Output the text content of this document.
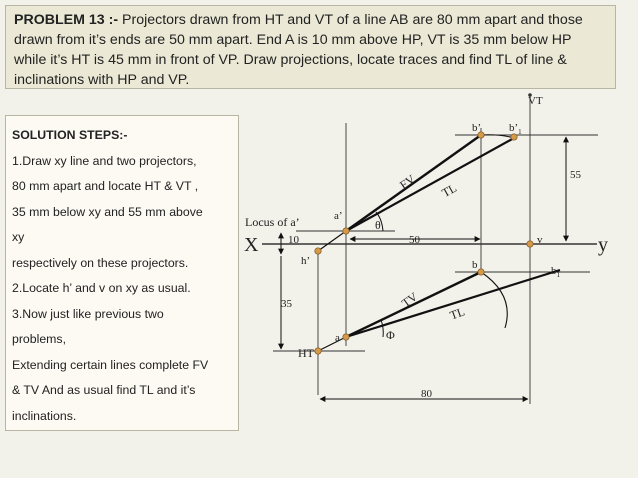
PROBLEM 13 :- Projectors drawn from HT and VT of a line AB are 80 mm apart and those
drawn from it’s ends are 50 mm apart. End A is 10 mm above HP, VT is 35 mm below HP
while it’s HT is 45 mm in front of VP. Draw projections, locate traces and find TL of line &
inclinations with HP and VP.
SOLUTION STEPS:-
1.Draw xy line and two projectors,
80 mm apart and locate HT & VT ,
35 mm below xy and 55 mm above
xy
respectively on these projectors.
2.Locate h’ and v on xy as usual.
3.Now just like previous two
problems,
Extending certain lines complete FV
& TV And as usual find TL and it’s
inclinations.
VT
b’	$b’_1$
55
FV TL
Locus of a’	a’
θ
X	y
10	50	v
h’	b	$b_1$
35	TV
TL
Φ
a
HT
80
